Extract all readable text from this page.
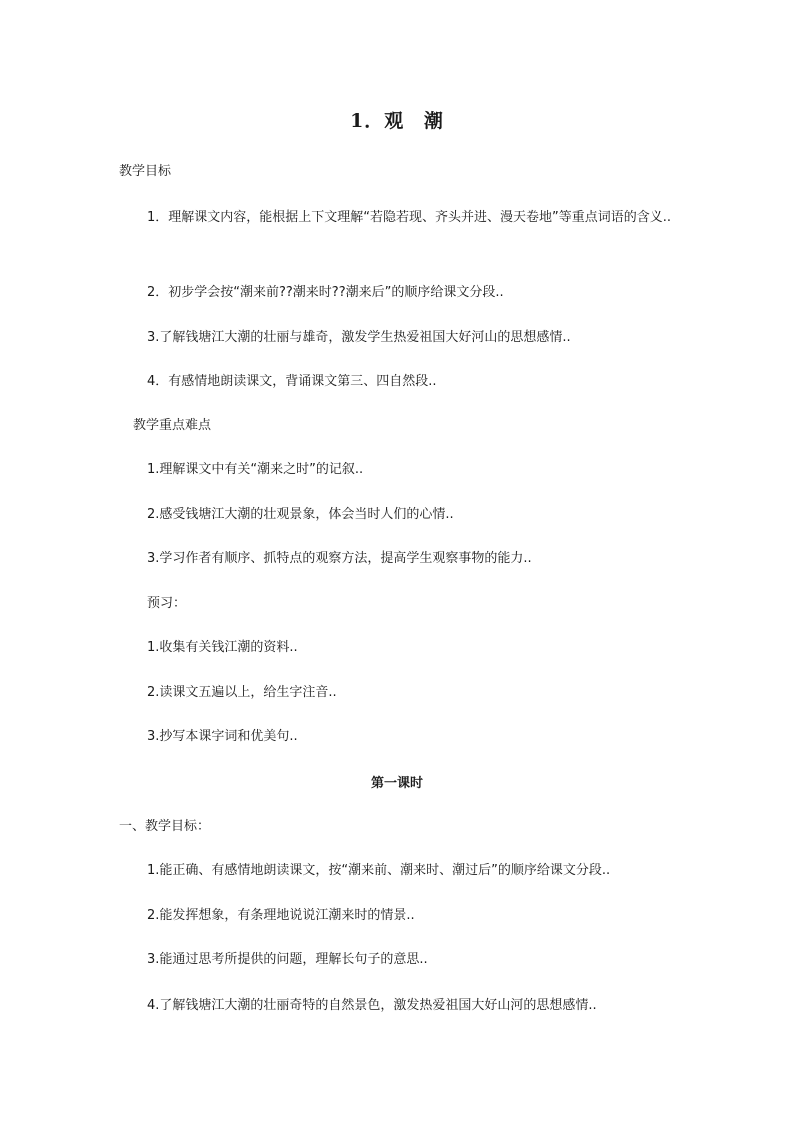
1．观 潮
教学目标
1．理解课文内容，能根据上下文理解“若隐若现、齐头并进、漫天卷地”等重点词语的含义..
2．初步学会按“潮来前??潮来时??潮来后”的顺序给课文分段..
3.了解钱塘江大潮的壮丽与雄奇，激发学生热爱祖国大好河山的思想感情..
4．有感情地朗读课文，背诵课文第三、四自然段..
教学重点难点
1.理解课文中有关“潮来之时”的记叙..
2.感受钱塘江大潮的壮观景象，体会当时人们的心情..
3.学习作者有顺序、抓特点的观察方法，提高学生观察事物的能力..
预习：
1.收集有关钱江潮的资料..
2.读课文五遍以上，给生字注音..
3.抄写本课字词和优美句..
第一课时
一、教学目标：
1.能正确、有感情地朗读课文，按“潮来前、潮来时、潮过后”的顺序给课文分段..
2.能发挥想象，有条理地说说江潮来时的情景..
3.能通过思考所提供的问题，理解长句子的意思..
4.了解钱塘江大潮的壮丽奇特的自然景色，激发热爱祖国大好山河的思想感情..
